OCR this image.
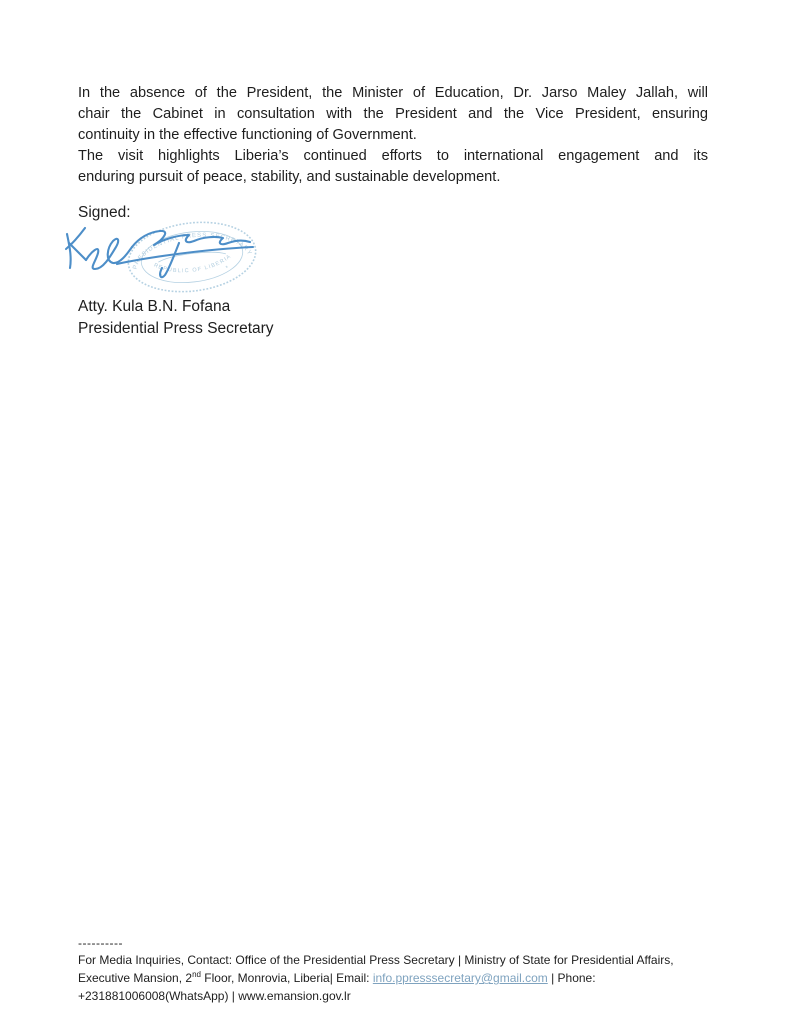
In the absence of the President, the Minister of Education, Dr. Jarso Maley Jallah, will
chair the Cabinet in consultation with the President and the Vice President, ensuring
continuity in the effective functioning of Government.
The visit highlights Liberia’s continued efforts to international engagement and its
enduring pursuit of peace, stability, and sustainable development.
Signed:
PRESIDENTIAL PRESS SECRETARY
REPUBLIC OF LIBERIA
*
*
Atty. Kula B.N. Fofana
Presidential Press Secretary
----------
For Media Inquiries, Contact: Office of the Presidential Press Secretary | Ministry of State for Presidential Affairs,
Executive Mansion, 2nd Floor, Monrovia, Liberia| Email: info.ppresssecretary@gmail.com | Phone:
+231881006008(WhatsApp) | www.emansion.gov.lr
